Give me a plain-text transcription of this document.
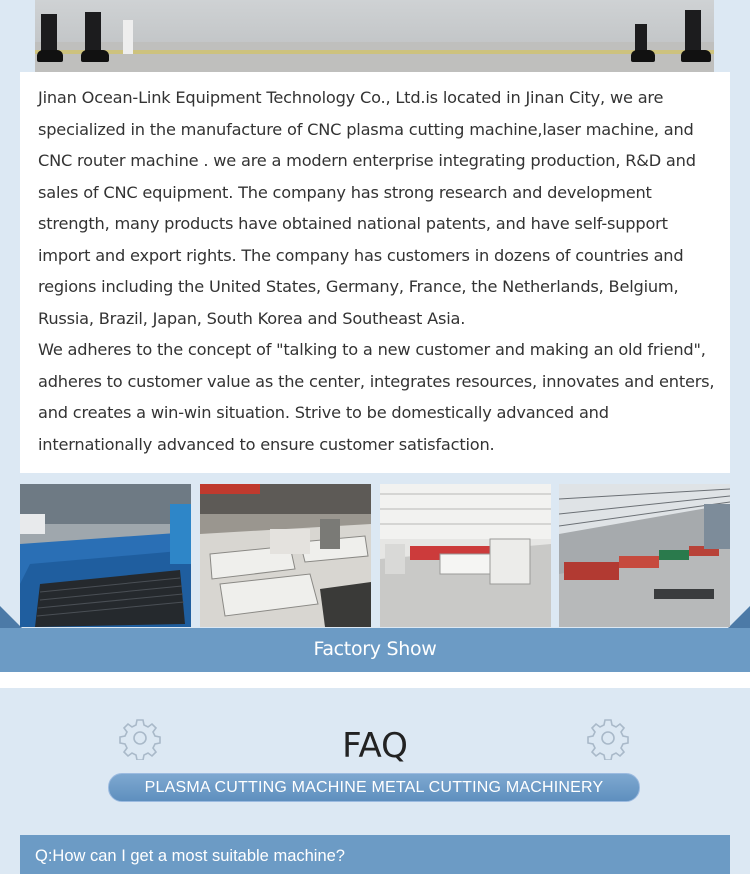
Jinan Ocean-Link Equipment Technology Co., Ltd.is located in Jinan City, we are specialized in the manufacture of CNC plasma cutting machine,laser machine, and CNC router machine . we are a modern enterprise integrating production, R&D and sales of CNC equipment. The company has strong research and development strength, many products have obtained national patents, and have self-support import and export rights. The company has customers in dozens of countries and regions including the United States, Germany, France, the Netherlands, Belgium, Russia, Brazil, Japan, South Korea and Southeast Asia.

We adheres to the concept of "talking to a new customer and making an old friend", adheres to customer value as the center, integrates resources, innovates and enters, and creates a win-win situation. Strive to be domestically advanced and internationally advanced to ensure customer satisfaction.

Factory Show
FAQ
PLASMA CUTTING MACHINE METAL CUTTING MACHINERY
Q:How can I get a most suitable machine?
